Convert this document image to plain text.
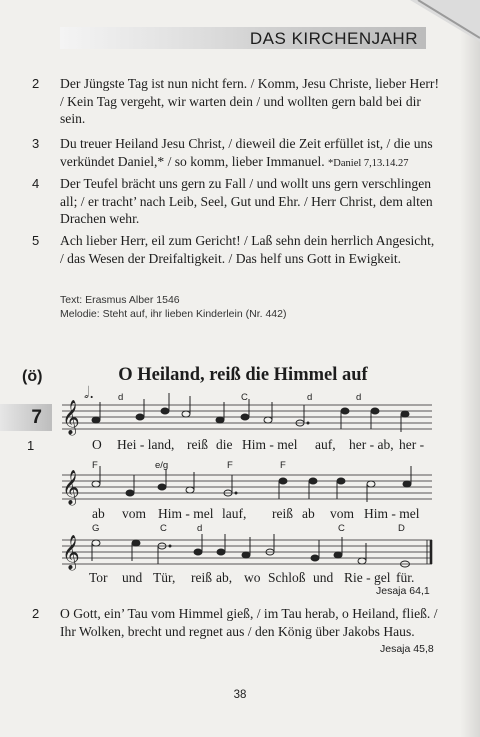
DAS KIRCHENJAHR
2 Der Jüngste Tag ist nun nicht fern. / Komm, Jesu Christe, lieber Herr! / Kein Tag vergeht, wir warten dein / und wollten gern bald bei dir sein.
3 Du treuer Heiland Jesu Christ, / dieweil die Zeit erfüllet ist, / die uns verkündet Daniel,* / so komm, lieber Immanuel. *Daniel 7,13.14.27
4 Der Teufel brächt uns gern zu Fall / und wollt uns gern verschlingen all; / er tracht’ nach Leib, Seel, Gut und Ehr. / Herr Christ, dem alten Drachen wehr.
5 Ach lieber Herr, eil zum Gericht! / Laß sehn dein herrlich Angesicht, / das Wesen der Dreifaltigkeit. / Das helf uns Gott in Ewigkeit.
Text: Erasmus Alber 1546
Melodie: Steht auf, ihr lieben Kinderlein (Nr. 442)
(ö)	O Heiland, reiß die Himmel auf
7 𝄞
𝄞
𝄞
𝅗𝅥.	d	C	d	d
F	e/g	F	F
G	C	d	C	D
1	O Hei - land, reiß die Him - mel auf, her - ab, her -
ab vom Him - mel lauf, reiß ab vom Him - mel
Tor und Tür, reiß ab, wo Schloß und Rie - gel für.
Jesaja 64,1
2 O Gott, ein’ Tau vom Himmel gieß, / im Tau herab, o Heiland, fließ. / Ihr Wolken, brecht und regnet aus / den König über Jakobs Haus.
Jesaja 45,8
38
